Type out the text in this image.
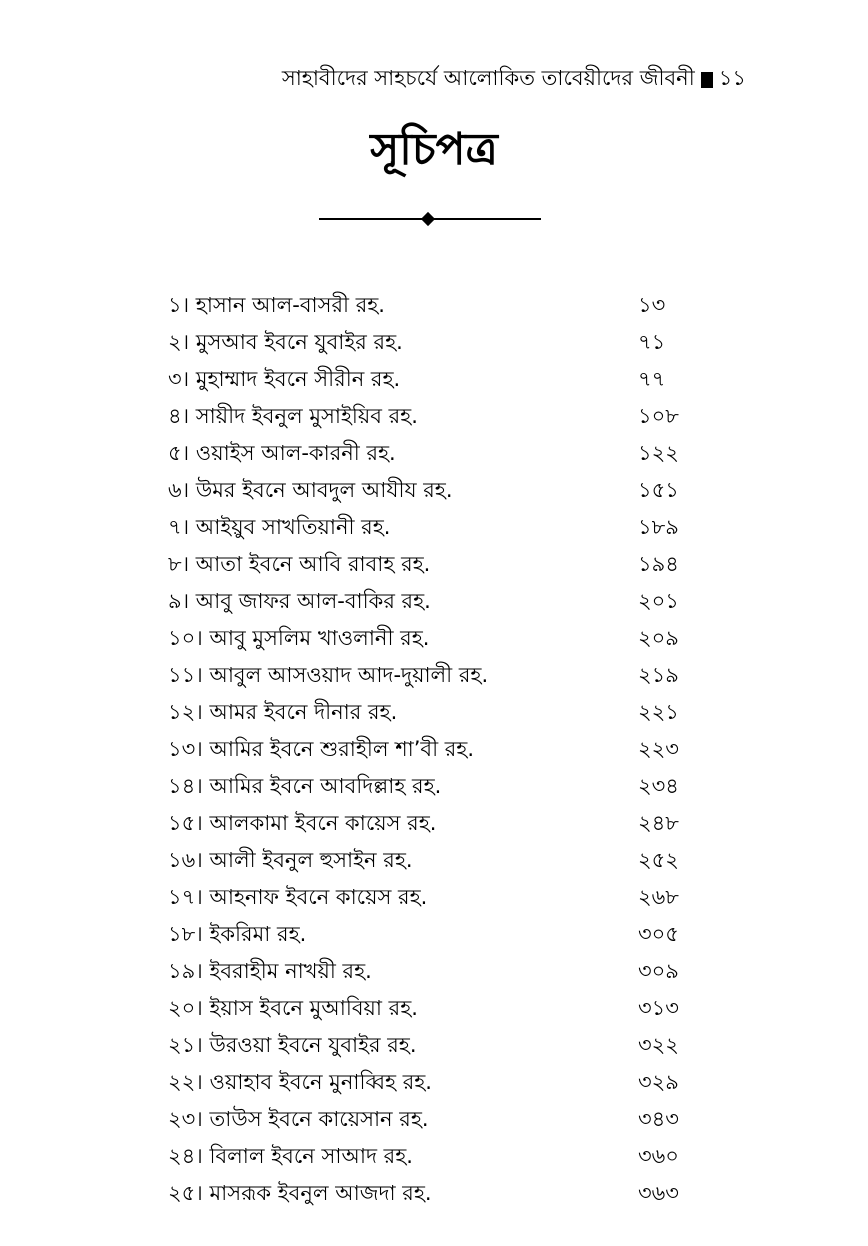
সাহাবীদের সাহচর্যে আলোকিত তাবেয়ীদের জীবনী ১১
সূচিপত্র
১। হাসান আল-বাসরী রহ.	১৩
২। মুসআব ইবনে যুবাইর রহ.	৭১
৩। মুহাম্মাদ ইবনে সীরীন রহ.	৭৭
৪। সায়ীদ ইবনুল মুসাইয়িব রহ.	১০৮
৫। ওয়াইস আল-কারনী রহ.	১২২
৬। উমর ইবনে আবদুল আযীয রহ.	১৫১
৭। আইয়ুব সাখতিয়ানী রহ.	১৮৯
৮। আতা ইবনে আবি রাবাহ রহ.	১৯৪
৯। আবু জাফর আল-বাকির রহ.	২০১
১০। আবু মুসলিম খাওলানী রহ.	২০৯
১১। আবুল আসওয়াদ আদ-দুয়ালী রহ.	২১৯
১২। আমর ইবনে দীনার রহ.	২২১
১৩। আমির ইবনে শুরাহীল শা’বী রহ.	২২৩
১৪। আমির ইবনে আবদিল্লাহ রহ.	২৩৪
১৫। আলকামা ইবনে কায়েস রহ.	২৪৮
১৬। আলী ইবনুল হুসাইন রহ.	২৫২
১৭। আহনাফ ইবনে কায়েস রহ.	২৬৮
১৮। ইকরিমা রহ.	৩০৫
১৯। ইবরাহীম নাখয়ী রহ.	৩০৯
২০। ইয়াস ইবনে মুআবিয়া রহ.	৩১৩
২১। উরওয়া ইবনে যুবাইর রহ.	৩২২
২২। ওয়াহাব ইবনে মুনাব্বিহ রহ.	৩২৯
২৩। তাউস ইবনে কায়েসান রহ.	৩৪৩
২৪। বিলাল ইবনে সাআদ রহ.	৩৬০
২৫। মাসরূক ইবনুল আজদা রহ.	৩৬৩
